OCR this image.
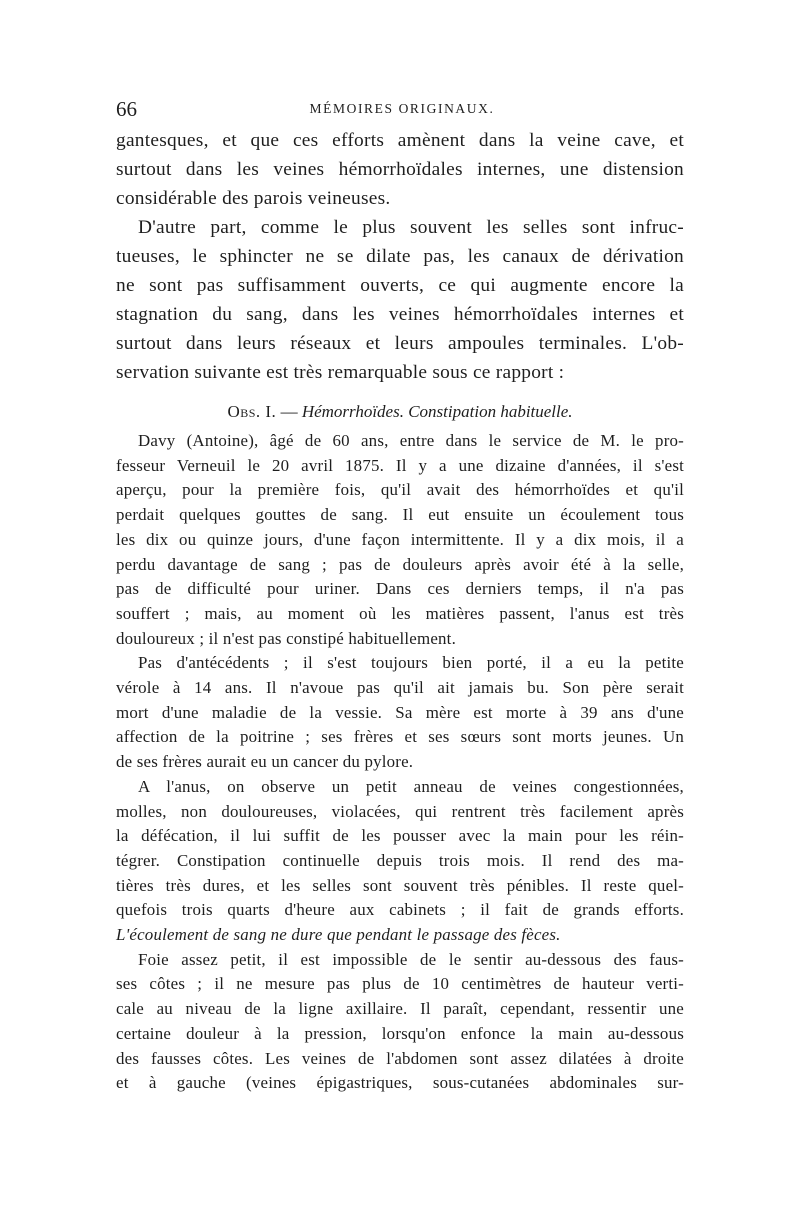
66	MÉMOIRES ORIGINAUX.

gantesques, et que ces efforts amènent dans la veine cave, et
surtout dans les veines hémorrhoïdales internes, une distension
considérable des parois veineuses.

D'autre part, comme le plus souvent les selles sont infruc-
tueuses, le sphincter ne se dilate pas, les canaux de dérivation
ne sont pas suffisamment ouverts, ce qui augmente encore la
stagnation du sang, dans les veines hémorrhoïdales internes et
surtout dans leurs réseaux et leurs ampoules terminales. L'ob-
servation suivante est très remarquable sous ce rapport :

Obs. I. — Hémorrhoïdes. Constipation habituelle.

Davy (Antoine), âgé de 60 ans, entre dans le service de M. le pro-
fesseur Verneuil le 20 avril 1875. Il y a une dizaine d'années, il s'est
aperçu, pour la première fois, qu'il avait des hémorrhoïdes et qu'il
perdait quelques gouttes de sang. Il eut ensuite un écoulement tous
les dix ou quinze jours, d'une façon intermittente. Il y a dix mois, il a
perdu davantage de sang ; pas de douleurs après avoir été à la selle,
pas de difficulté pour uriner. Dans ces derniers temps, il n'a pas
souffert ; mais, au moment où les matières passent, l'anus est très
douloureux ; il n'est pas constipé habituellement.

Pas d'antécédents ; il s'est toujours bien porté, il a eu la petite
vérole à 14 ans. Il n'avoue pas qu'il ait jamais bu. Son père serait
mort d'une maladie de la vessie. Sa mère est morte à 39 ans d'une
affection de la poitrine ; ses frères et ses sœurs sont morts jeunes. Un
de ses frères aurait eu un cancer du pylore.

A l'anus, on observe un petit anneau de veines congestionnées,
molles, non douloureuses, violacées, qui rentrent très facilement après
la défécation, il lui suffit de les pousser avec la main pour les réin-
tégrer. Constipation continuelle depuis trois mois. Il rend des ma-
tières très dures, et les selles sont souvent très pénibles. Il reste quel-
quefois trois quarts d'heure aux cabinets ; il fait de grands efforts.
L'écoulement de sang ne dure que pendant le passage des fèces.

Foie assez petit, il est impossible de le sentir au-dessous des faus-
ses côtes ; il ne mesure pas plus de 10 centimètres de hauteur verti-
cale au niveau de la ligne axillaire. Il paraît, cependant, ressentir une
certaine douleur à la pression, lorsqu'on enfonce la main au-dessous
des fausses côtes. Les veines de l'abdomen sont assez dilatées à droite
et à gauche (veines épigastriques, sous-cutanées abdominales sur-
